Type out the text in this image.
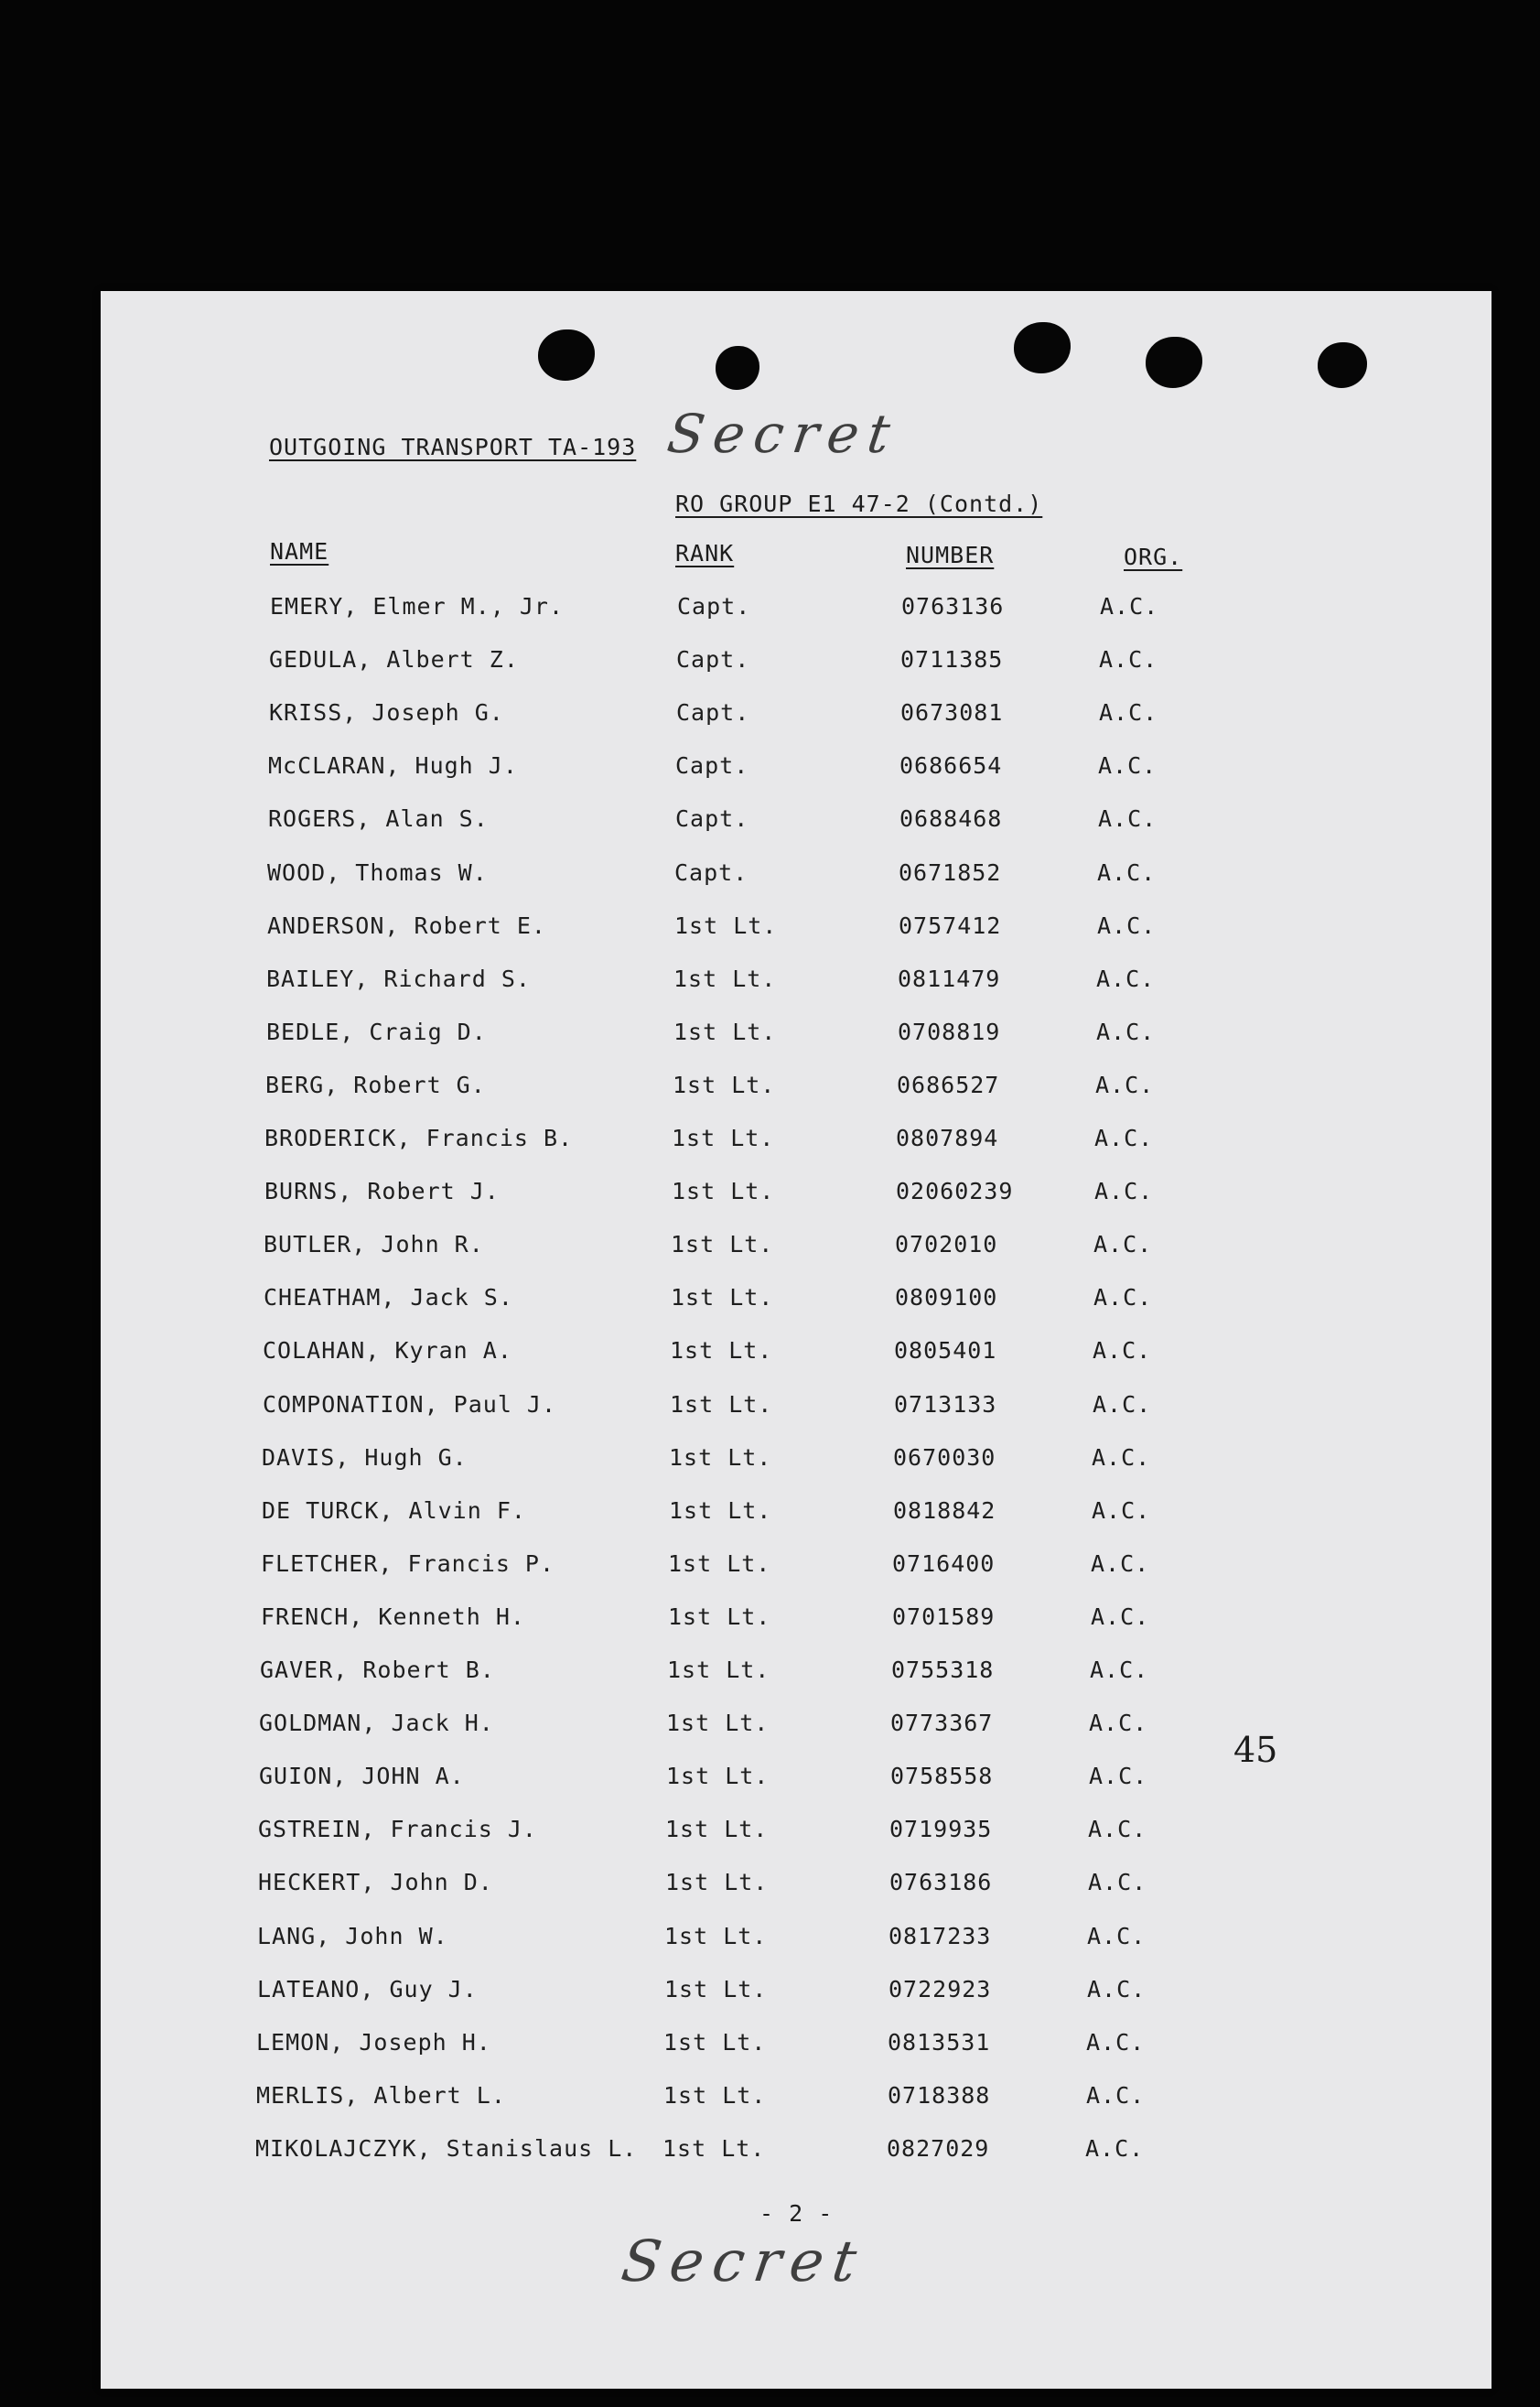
OUTGOING TRANSPORT TA-193 Secret
RO GROUP E1 47-2 (Contd.)
NAME	RANK	NUMBER	ORG.
EMERY, Elmer M., Jr.	Capt.	0763136	A.C.
GEDULA, Albert Z.	Capt.	0711385	A.C.
KRISS, Joseph G.	Capt.	0673081	A.C.
McCLARAN, Hugh J.	Capt.	0686654	A.C.
ROGERS, Alan S.	Capt.	0688468	A.C.
WOOD, Thomas W.	Capt.	0671852	A.C.
ANDERSON, Robert E.	1st Lt.	0757412	A.C.
BAILEY, Richard S.	1st Lt.	0811479	A.C.
BEDLE, Craig D.	1st Lt.	0708819	A.C.
BERG, Robert G.	1st Lt.	0686527	A.C.
BRODERICK, Francis B.	1st Lt.	0807894	A.C.
BURNS, Robert J.	1st Lt.	02060239	A.C.
BUTLER, John R.	1st Lt.	0702010	A.C.
CHEATHAM, Jack S.	1st Lt.	0809100	A.C.
COLAHAN, Kyran A.	1st Lt.	0805401	A.C.
COMPONATION, Paul J.	1st Lt.	0713133	A.C.
DAVIS, Hugh G.	1st Lt.	0670030	A.C.
DE TURCK, Alvin F.	1st Lt.	0818842	A.C.
FLETCHER, Francis P.	1st Lt.	0716400	A.C.
FRENCH, Kenneth H.	1st Lt.	0701589	A.C.
GAVER, Robert B.	1st Lt.	0755318	A.C.
GOLDMAN, Jack H.	1st Lt.	0773367	A.C.
GUION, JOHN A.	1st Lt.	0758558	A.C.
GSTREIN, Francis J.	1st Lt.	0719935	A.C.
HECKERT, John D.	1st Lt.	0763186	A.C.
LANG, John W.	1st Lt.	0817233	A.C.
LATEANO, Guy J.	1st Lt.	0722923	A.C.
LEMON, Joseph H.	1st Lt.	0813531	A.C.
MERLIS, Albert L.	1st Lt.	0718388	A.C.
MIKOLAJCZYK, Stanislaus L. 1st Lt.	0827029	A.C.
- 2 -
Secret
45
